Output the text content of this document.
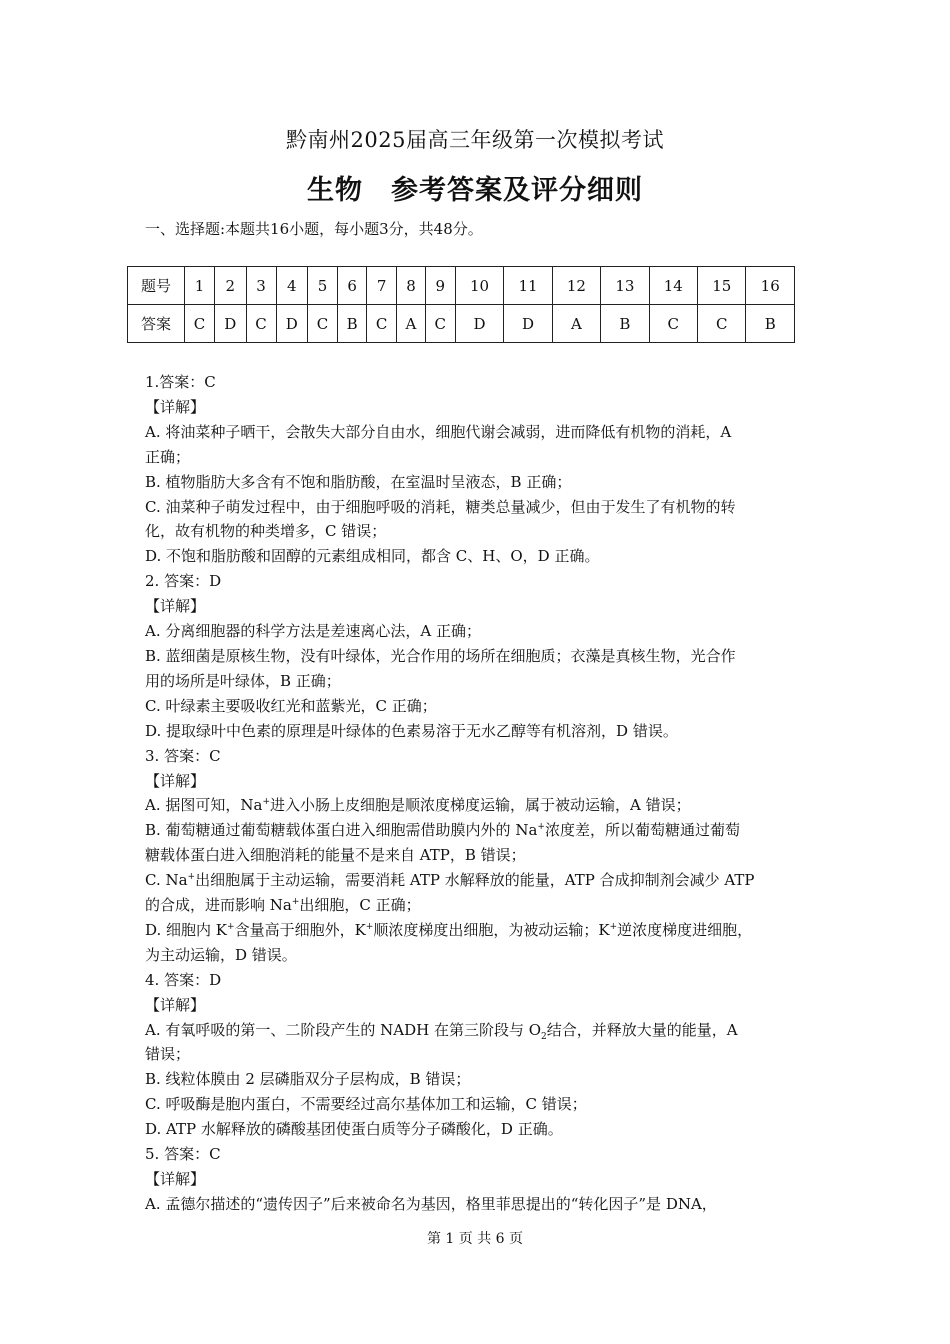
黔南州2025届高三年级第一次模拟考试
生物 参考答案及评分细则
一、选择题:本题共16小题，每小题3分，共48分。
题号	1	2	3	4	5	6	7	8	9	10	11	12	13	14	15	16
答案	C	D	C	D	C	B	C	A	C	D	D	A	B	C	C	B
1.答案：C
【详解】
A. 将油菜种子晒干，会散失大部分自由水，细胞代谢会减弱，进而降低有机物的消耗，A
正确；
B. 植物脂肪大多含有不饱和脂肪酸，在室温时呈液态，B 正确；
C. 油菜种子萌发过程中，由于细胞呼吸的消耗，糖类总量减少，但由于发生了有机物的转
化，故有机物的种类增多，C 错误；
D. 不饱和脂肪酸和固醇的元素组成相同，都含 C、H、O，D 正确。
2. 答案：D
【详解】
A. 分离细胞器的科学方法是差速离心法，A 正确；
B. 蓝细菌是原核生物，没有叶绿体，光合作用的场所在细胞质；衣藻是真核生物，光合作
用的场所是叶绿体，B 正确；
C. 叶绿素主要吸收红光和蓝紫光，C 正确；
D. 提取绿叶中色素的原理是叶绿体的色素易溶于无水乙醇等有机溶剂，D 错误。
3. 答案：C
【详解】
A. 据图可知，Na+进入小肠上皮细胞是顺浓度梯度运输，属于被动运输，A 错误；
B. 葡萄糖通过葡萄糖载体蛋白进入细胞需借助膜内外的 Na+浓度差，所以葡萄糖通过葡萄
糖载体蛋白进入细胞消耗的能量不是来自 ATP，B 错误；
C. Na+出细胞属于主动运输，需要消耗 ATP 水解释放的能量，ATP 合成抑制剂会减少 ATP
的合成，进而影响 Na+出细胞，C 正确；
D. 细胞内 K+含量高于细胞外，K+顺浓度梯度出细胞，为被动运输；K+逆浓度梯度进细胞，
为主动运输，D 错误。
4. 答案：D
【详解】
A. 有氧呼吸的第一、二阶段产生的 NADH 在第三阶段与 $O_2$结合，并释放大量的能量，A
错误；
B. 线粒体膜由 2 层磷脂双分子层构成，B 错误；
C. 呼吸酶是胞内蛋白，不需要经过高尔基体加工和运输，C 错误；
D. ATP 水解释放的磷酸基团使蛋白质等分子磷酸化，D 正确。
5. 答案：C
【详解】
A. 孟德尔描述的“遗传因子”后来被命名为基因，格里菲思提出的“转化因子”是 DNA，
第 1 页 共 6 页
